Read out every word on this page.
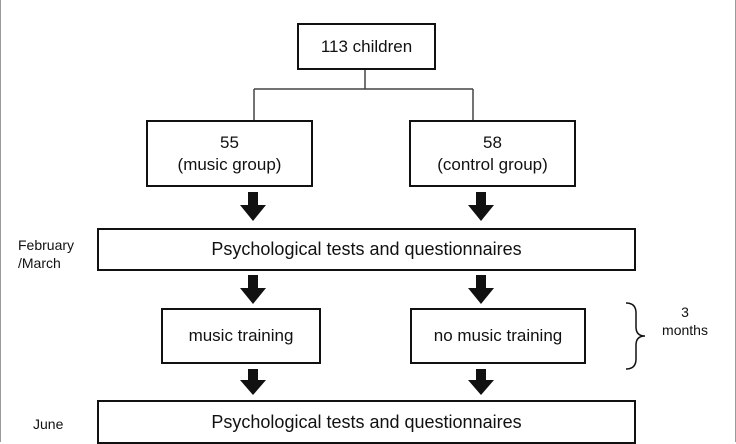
113 children
55
(music group)
58
(control group)
February
/March
Psychological tests and questionnaires
music training	no music training
3
months
June	Psychological tests and questionnaires
